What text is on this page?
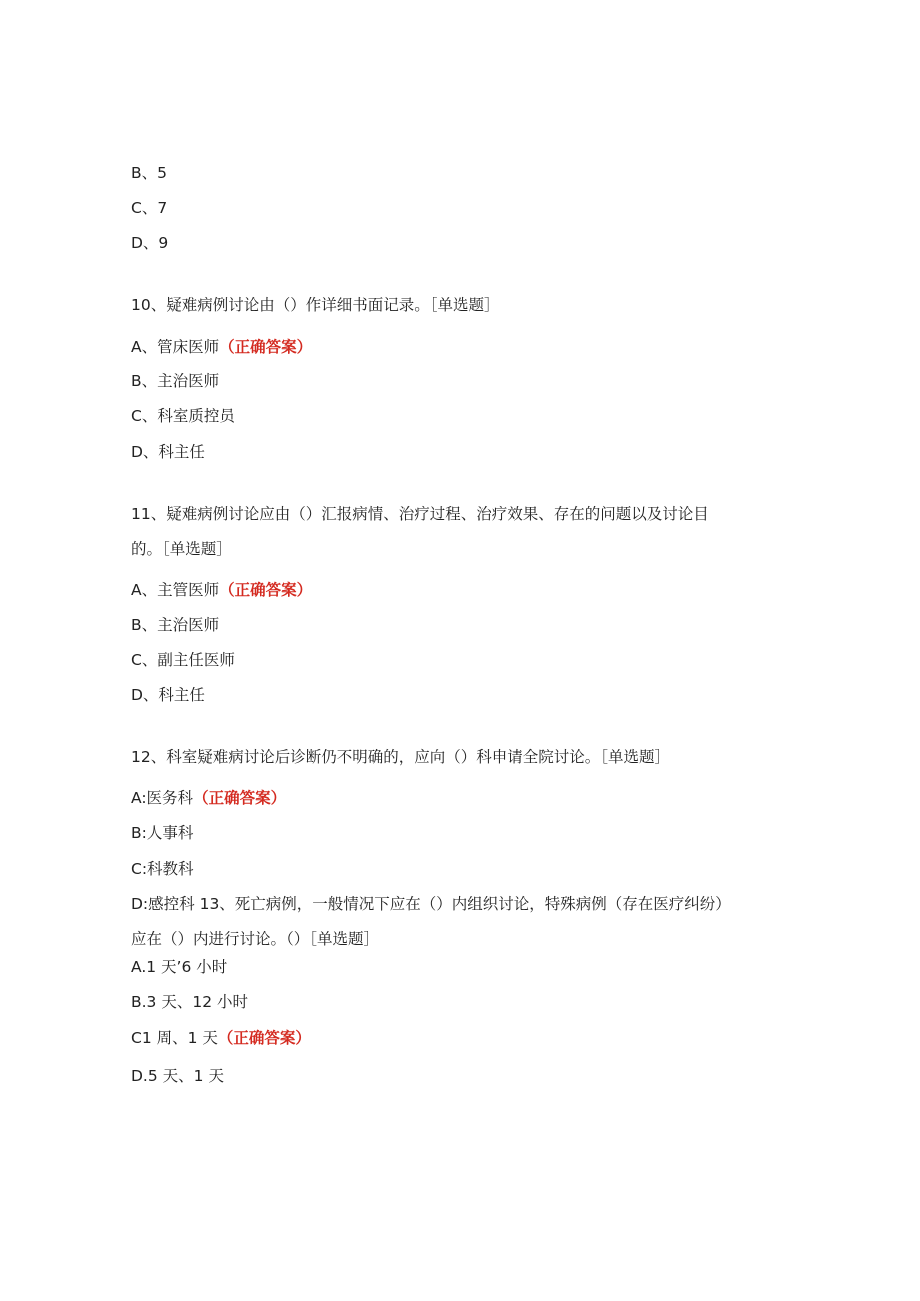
B、5
C、7
D、9
10、疑难病例讨论由（）作详细书面记录。［单选题］
A、管床医师（正确答案）
B、主治医师
C、科室质控员
D、科主任
11、疑难病例讨论应由（）汇报病情、治疗过程、治疗效果、存在的问题以及讨论目
的。［单选题］
A、主管医师（正确答案）
B、主治医师
C、副主任医师
D、科主任
12、科室疑难病讨论后诊断仍不明确的，应向（）科申请全院讨论。［单选题］
A:医务科（正确答案）
B:人事科
C:科教科
D:感控科 13、死亡病例，一般情况下应在（）内组织讨论，特殊病例（存在医疗纠纷）
应在（）内进行讨论。（）［单选题］
A.1 天’6 小时
B.3 天、12 小时
C1 周、1 天（正确答案）
D.5 天、1 天
